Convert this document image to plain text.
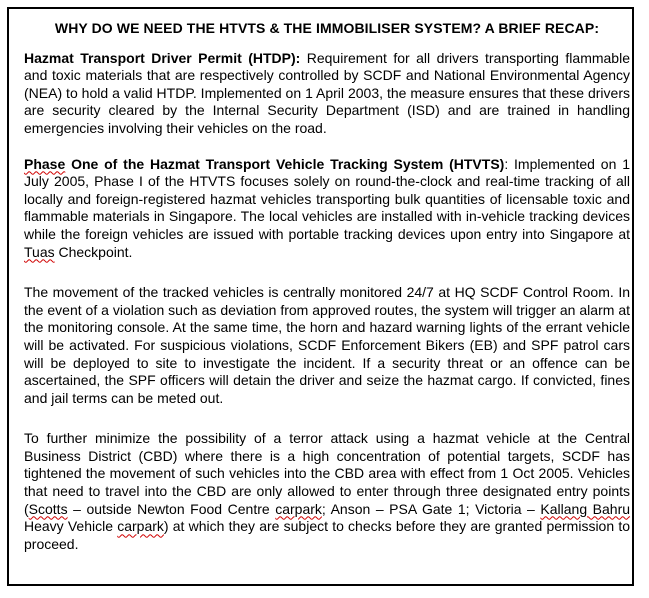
WHY DO WE NEED THE HTVTS & THE IMMOBILISER SYSTEM? A BRIEF RECAP:

Hazmat Transport Driver Permit (HTDP): Requirement for all drivers transporting flammable and toxic materials that are respectively controlled by SCDF and National Environmental Agency (NEA) to hold a valid HTDP. Implemented on 1 April 2003, the measure ensures that these drivers are security cleared by the Internal Security Department (ISD) and are trained in handling emergencies involving their vehicles on the road.

Phase One of the Hazmat Transport Vehicle Tracking System (HTVTS): Implemented on 1 July 2005, Phase I of the HTVTS focuses solely on round-the-clock and real-time tracking of all locally and foreign-registered hazmat vehicles transporting bulk quantities of licensable toxic and flammable materials in Singapore. The local vehicles are installed with in-vehicle tracking devices while the foreign vehicles are issued with portable tracking devices upon entry into Singapore at Tuas Checkpoint.

The movement of the tracked vehicles is centrally monitored 24/7 at HQ SCDF Control Room. In the event of a violation such as deviation from approved routes, the system will trigger an alarm at the monitoring console. At the same time, the horn and hazard warning lights of the errant vehicle will be activated. For suspicious violations, SCDF Enforcement Bikers (EB) and SPF patrol cars will be deployed to site to investigate the incident. If a security threat or an offence can be ascertained, the SPF officers will detain the driver and seize the hazmat cargo. If convicted, fines and jail terms can be meted out.

To further minimize the possibility of a terror attack using a hazmat vehicle at the Central Business District (CBD) where there is a high concentration of potential targets, SCDF has tightened the movement of such vehicles into the CBD area with effect from 1 Oct 2005. Vehicles that need to travel into the CBD are only allowed to enter through three designated entry points (Scotts – outside Newton Food Centre carpark; Anson – PSA Gate 1; Victoria – Kallang Bahru Heavy Vehicle carpark) at which they are subject to checks before they are granted permission to proceed.
